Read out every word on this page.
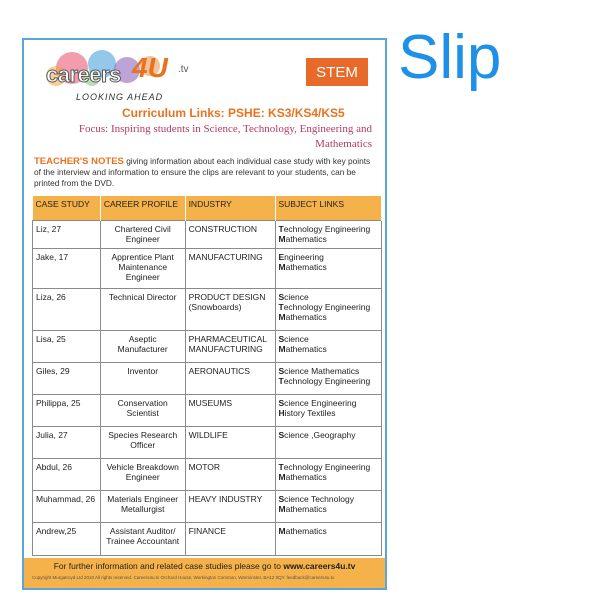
Slip
careers 4U .tv
LOOKING AHEAD
STEM
Curriculum Links: PSHE: KS3/KS4/KS5
Focus: Inspiring students in Science, Technology, Engineering and Mathematics
TEACHER'S NOTES giving information about each individual case study with key points of the interview and information to ensure the clips are relevant to your students, can be printed from the DVD.
CASE STUDY	CAREER PROFILE	INDUSTRY	SUBJECT LINKS
Liz, 27	Chartered Civil Engineer	CONSTRUCTION	Technology Engineering
Mathematics

Jake, 17	Apprentice Plant Maintenance Engineer	MANUFACTURING	Engineering
Mathematics

Liza, 26	Technical Director	PRODUCT DESIGN (Snowboards)	Science
Technology Engineering
Mathematics

Lisa, 25	Aseptic Manufacturer	PHARMACEUTICAL MANUFACTURING	Science
Mathematics

Giles, 29	Inventor	AERONAUTICS	Science Mathematics
Technology Engineering

Philippa, 25	Conservation Scientist	MUSEUMS	Science Engineering
History Textiles

Julia, 27	Species Research Officer	WILDLIFE	Science ,Geography

Abdul, 26	Vehicle Breakdown Engineer	MOTOR	Technology Engineering
Mathematics

Muhammad, 26	Materials Engineer Metallurgist	HEAVY INDUSTRY	Science Technology
Mathematics

Andrew,25	Assistant Auditor/ Trainee Accountant	FINANCE	Mathematics
For further information and related case studies please go to www.careers4u.tv
Copyright Murgatroyd Ltd 2010 All rights reserved. Careers4u.tv Orchard House, Workington Common, Warminster, BA12 0QY. feedback@careers4u.tv
